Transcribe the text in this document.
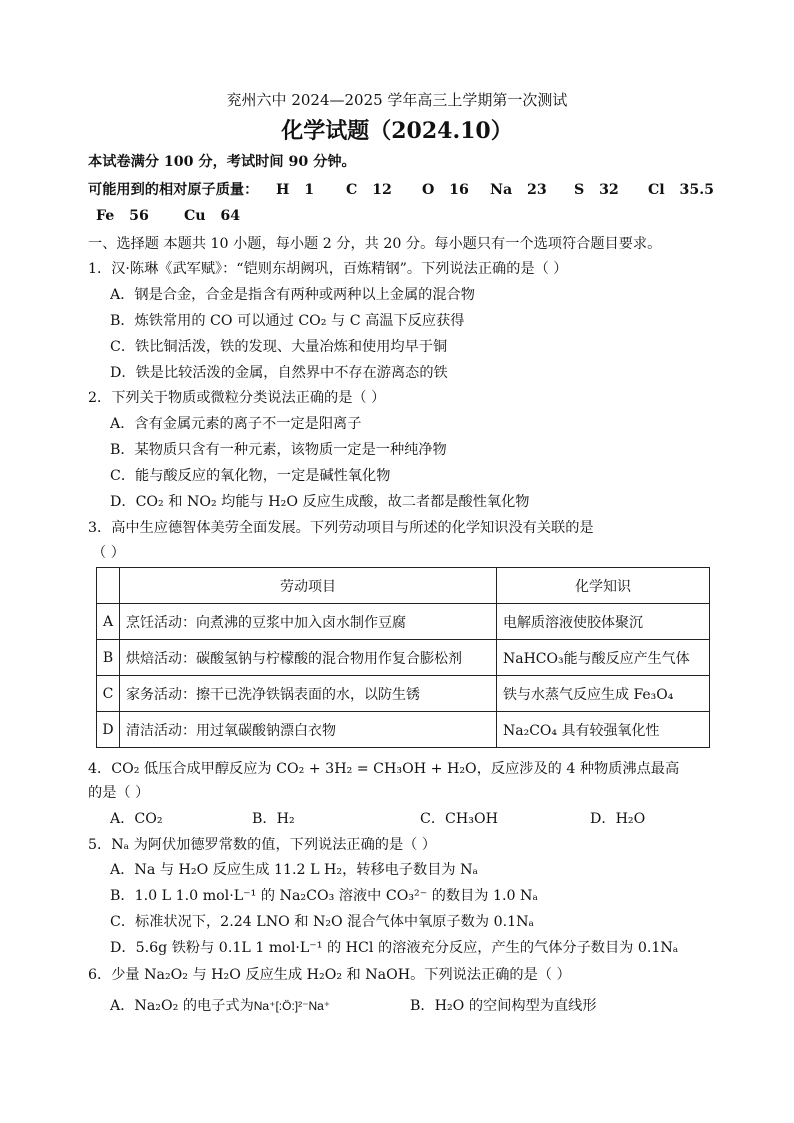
兖州六中 2024—2025 学年高三上学期第一次测试
化学试题（2024.10）
本试卷满分 100 分，考试时间 90 分钟。
可能用到的相对原子质量： H   1 C   12 O   16 Na   23 S   32 Cl   35.5
Fe   56 Cu   64
一、选择题 本题共 10 小题，每小题 2 分，共 20 分。每小题只有一个选项符合题目要求。
1．汉·陈琳《武军赋》：“铠则东胡阙巩，百炼精钢”。下列说法正确的是（ ）
A．钢是合金，合金是指含有两种或两种以上金属的混合物
B．炼铁常用的 CO 可以通过 CO₂ 与 C 高温下反应获得
C．铁比铜活泼，铁的发现、大量冶炼和使用均早于铜
D．铁是比较活泼的金属，自然界中不存在游离态的铁
2．下列关于物质或微粒分类说法正确的是（ ）
A．含有金属元素的离子不一定是阳离子
B．某物质只含有一种元素，该物质一定是一种纯净物
C．能与酸反应的氧化物，一定是碱性氧化物
D．CO₂ 和 NO₂ 均能与 H₂O 反应生成酸，故二者都是酸性氧化物
3．高中生应德智体美劳全面发展。下列劳动项目与所述的化学知识没有关联的是
（ ）
	劳动项目	化学知识
A	烹饪活动：向煮沸的豆浆中加入卤水制作豆腐	电解质溶液使胶体聚沉
B	烘焙活动：碳酸氢钠与柠檬酸的混合物用作复合膨松剂	NaHCO₃能与酸反应产生气体
C	家务活动：擦干已洗净铁锅表面的水，以防生锈	铁与水蒸气反应生成 Fe₃O₄
D	清洁活动：用过氧碳酸钠漂白衣物	Na₂CO₄ 具有较强氧化性
4．CO₂ 低压合成甲醇反应为 CO₂ + 3H₂ = CH₃OH + H₂O，反应涉及的 4 种物质沸点最高
的是（ ）
A．CO₂	B．H₂	C．CH₃OH	D．H₂O
5．Nₐ 为阿伏加德罗常数的值，下列说法正确的是（ ）
A．Na 与 H₂O 反应生成 11.2 L H₂，转移电子数目为 Nₐ
B．1.0 L 1.0 mol·L⁻¹ 的 Na₂CO₃ 溶液中 CO₃²⁻ 的数目为 1.0 Nₐ
C．标准状况下，2.24 LNO 和 N₂O 混合气体中氧原子数为 0.1Nₐ
D．5.6g 铁粉与 0.1L 1 mol·L⁻¹ 的 HCl 的溶液充分反应，产生的气体分子数目为 0.1Nₐ
6．少量 Na₂O₂ 与 H₂O 反应生成 H₂O₂ 和 NaOH。下列说法正确的是（ ）
A．Na₂O₂ 的电子式为Na⁺[:Ö:]²⁻Na⁺	B．H₂O 的空间构型为直线形
